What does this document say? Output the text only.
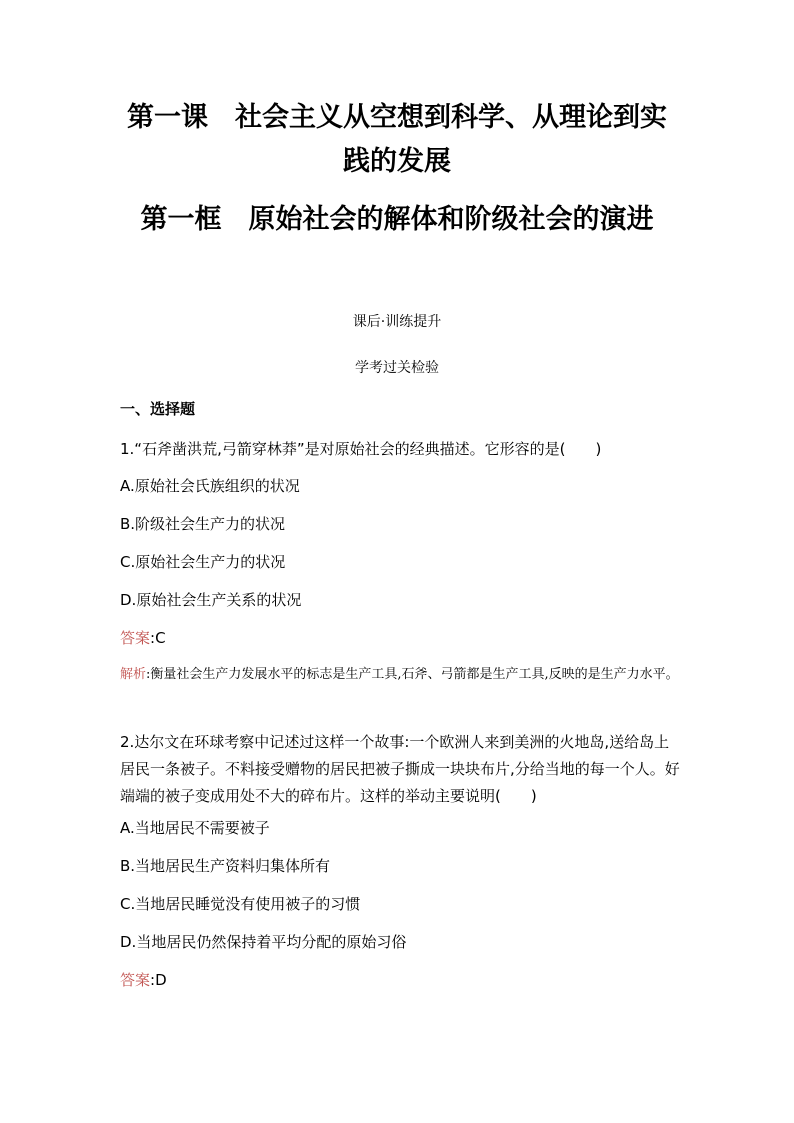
第一课　社会主义从空想到科学、从理论到实践的发展
第一框　原始社会的解体和阶级社会的演进

课后·训练提升

学考过关检验

一、选择题

1.“石斧凿洪荒,弓箭穿林莽”是对原始社会的经典描述。它形容的是(　　)

A.原始社会氏族组织的状况

B.阶级社会生产力的状况

C.原始社会生产力的状况

D.原始社会生产关系的状况

答案:C

解析:衡量社会生产力发展水平的标志是生产工具,石斧、弓箭都是生产工具,反映的是生产力水平。

2.达尔文在环球考察中记述过这样一个故事:一个欧洲人来到美洲的火地岛,送给岛上居民一条被子。不料接受赠物的居民把被子撕成一块块布片,分给当地的每一个人。好端端的被子变成用处不大的碎布片。这样的举动主要说明(　　)

A.当地居民不需要被子

B.当地居民生产资料归集体所有

C.当地居民睡觉没有使用被子的习惯

D.当地居民仍然保持着平均分配的原始习俗

答案:D
